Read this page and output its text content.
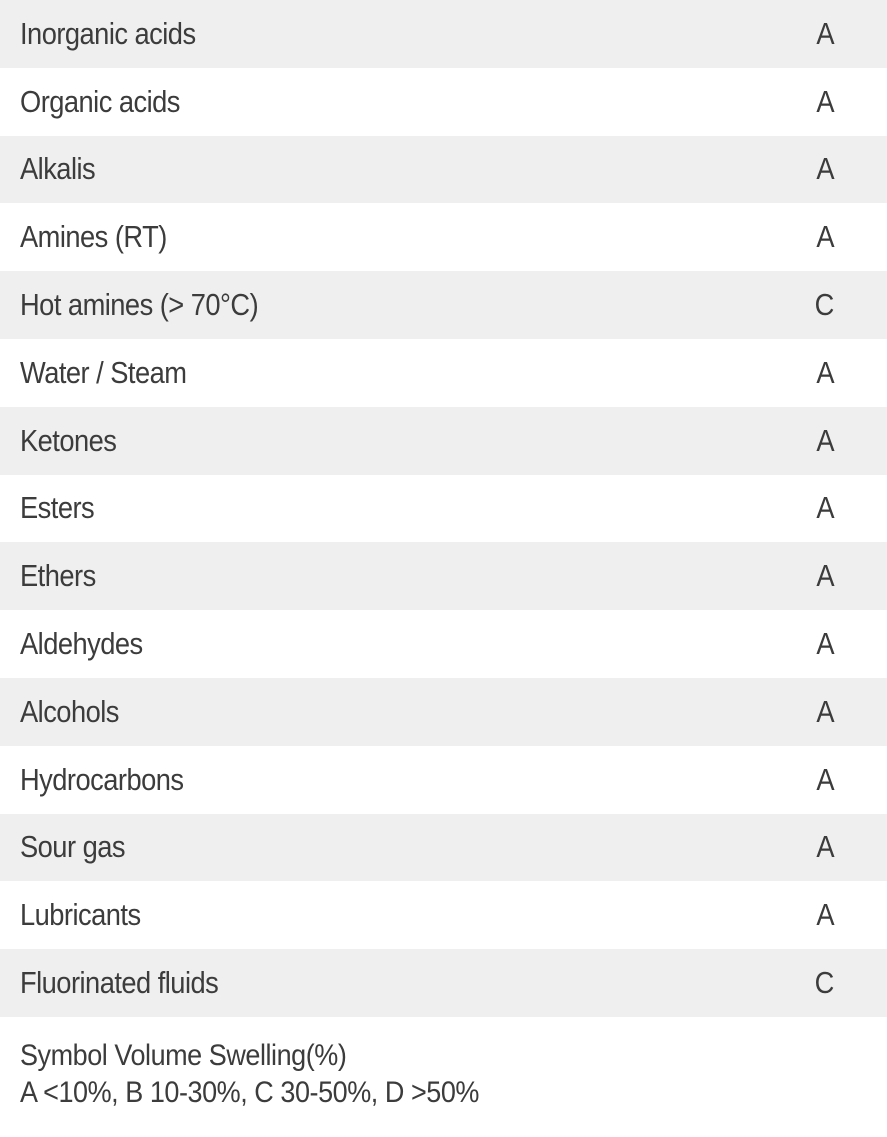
Inorganic acids	A
Organic acids	A
Alkalis	A
Amines (RT)	A
Hot amines (> 70°C)	C
Water / Steam	A
Ketones	A
Esters	A
Ethers	A
Aldehydes	A
Alcohols	A
Hydrocarbons	A
Sour gas	A
Lubricants	A
Fluorinated fluids	C
Symbol Volume Swelling(%)
A <10%, B 10-30%, C 30-50%, D >50%
